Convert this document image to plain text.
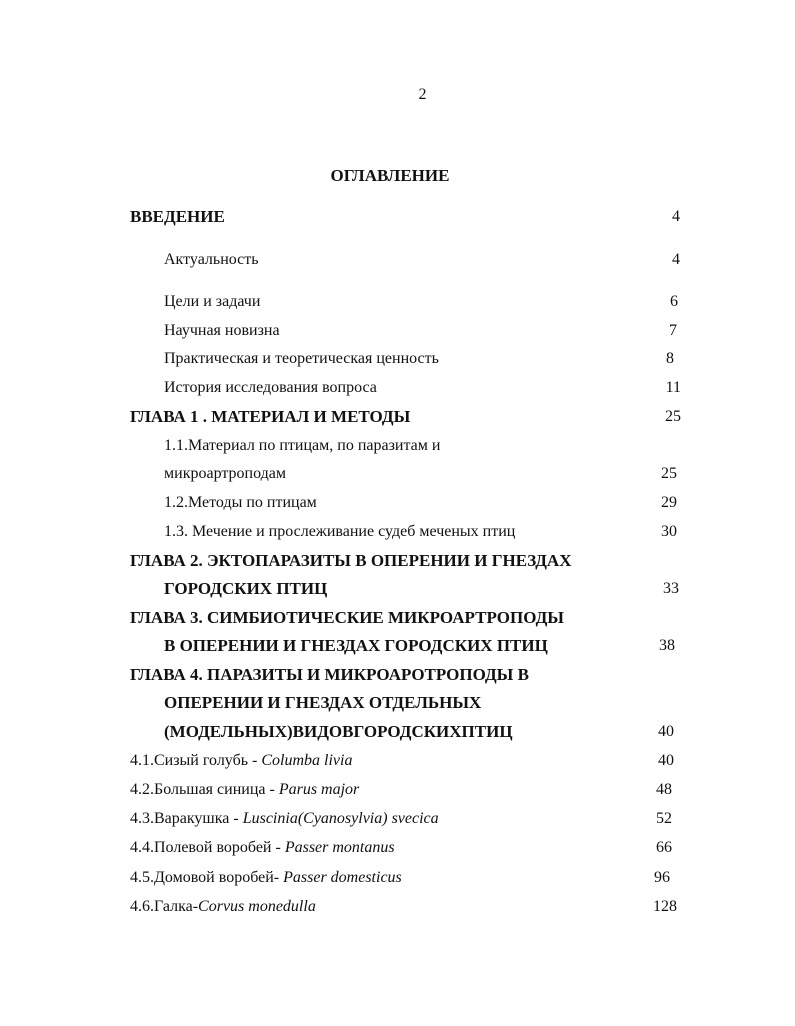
2
ОГЛАВЛЕНИЕ
ВВЕДЕНИЕ	4
Актуальность	4
Цели и задачи	6
Научная новизна	7
Практическая и теоретическая ценность	8
История исследования вопроса	11
ГЛАВА 1 . МАТЕРИАЛ И МЕТОДЫ	25
1.1.Материал по птицам, по паразитам и
микроартроподам	25
1.2.Методы по птицам	29
1.3. Мечение и прослеживание судеб меченых птиц	30
ГЛАВА 2. ЭКТОПАРАЗИТЫ В ОПЕРЕНИИ И ГНЕЗДАХ
ГОРОДСКИХ ПТИЦ	33
ГЛАВА 3. СИМБИОТИЧЕСКИЕ МИКРОАРТРОПОДЫ
В ОПЕРЕНИИ И ГНЕЗДАХ ГОРОДСКИХ ПТИЦ	38
ГЛАВА 4. ПАРАЗИТЫ И МИКРОАРОТРОПОДЫ В
ОПЕРЕНИИ И ГНЕЗДАХ ОТДЕЛЬНЫХ
(МОДЕЛЬНЫХ)ВИДОВГОРОДСКИХПТИЦ	40
4.1.Сизый голубь - Columba livia	40
4.2.Большая синица - Parus major	48
4.3.Варакушка - Luscinia(Cyanosylvia) svecica	52
4.4.Полевой воробей - Passer montanus	66
4.5.Домовой воробей- Passer domesticus	96
4.6.Галка-Corvus monedulla	128
